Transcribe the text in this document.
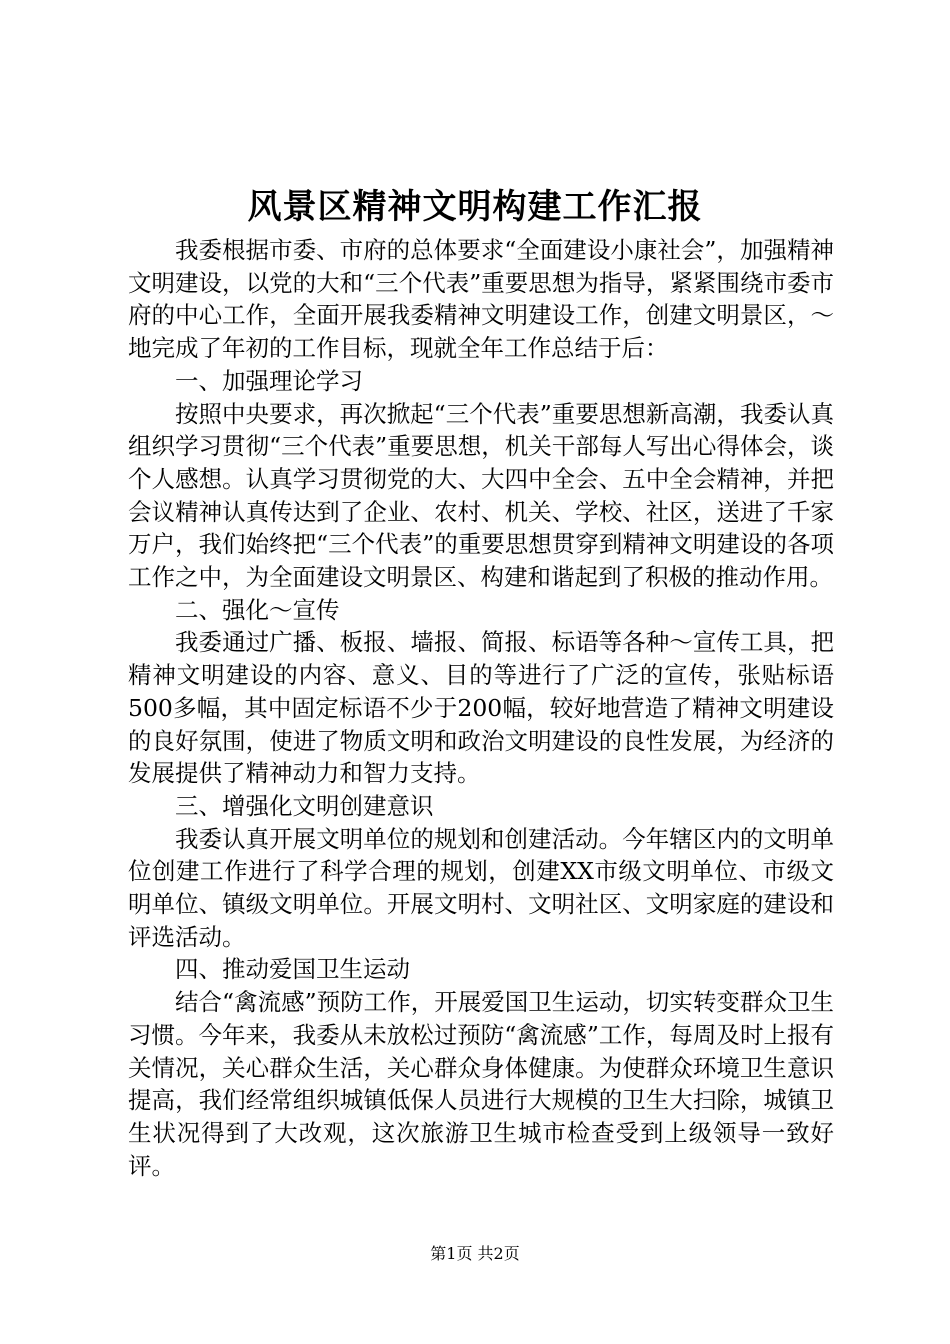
风景区精神文明构建工作汇报

我委根据市委、市府的总体要求“全面建设小康社会”，加强精神文明建设，以党的大和“三个代表”重要思想为指导，紧紧围绕市委市府的中心工作，全面开展我委精神文明建设工作，创建文明景区，～地完成了年初的工作目标，现就全年工作总结于后：

一、加强理论学习

按照中央要求，再次掀起“三个代表”重要思想新高潮，我委认真组织学习贯彻“三个代表”重要思想，机关干部每人写出心得体会，谈个人感想。认真学习贯彻党的大、大四中全会、五中全会精神，并把会议精神认真传达到了企业、农村、机关、学校、社区，送进了千家万户，我们始终把“三个代表”的重要思想贯穿到精神文明建设的各项工作之中，为全面建设文明景区、构建和谐起到了积极的推动作用。

二、强化～宣传

我委通过广播、板报、墙报、简报、标语等各种～宣传工具，把精神文明建设的内容、意义、目的等进行了广泛的宣传，张贴标语500多幅，其中固定标语不少于200幅，较好地营造了精神文明建设的良好氛围，使进了物质文明和政治文明建设的良性发展，为经济的发展提供了精神动力和智力支持。

三、增强化文明创建意识

我委认真开展文明单位的规划和创建活动。今年辖区内的文明单位创建工作进行了科学合理的规划，创建XX市级文明单位、市级文明单位、镇级文明单位。开展文明村、文明社区、文明家庭的建设和评选活动。

四、推动爱国卫生运动

结合“禽流感”预防工作，开展爱国卫生运动，切实转变群众卫生习惯。今年来，我委从未放松过预防“禽流感”工作，每周及时上报有关情况，关心群众生活，关心群众身体健康。为使群众环境卫生意识提高，我们经常组织城镇低保人员进行大规模的卫生大扫除，城镇卫生状况得到了大改观，这次旅游卫生城市检查受到上级领导一致好评。

第1页 共2页
